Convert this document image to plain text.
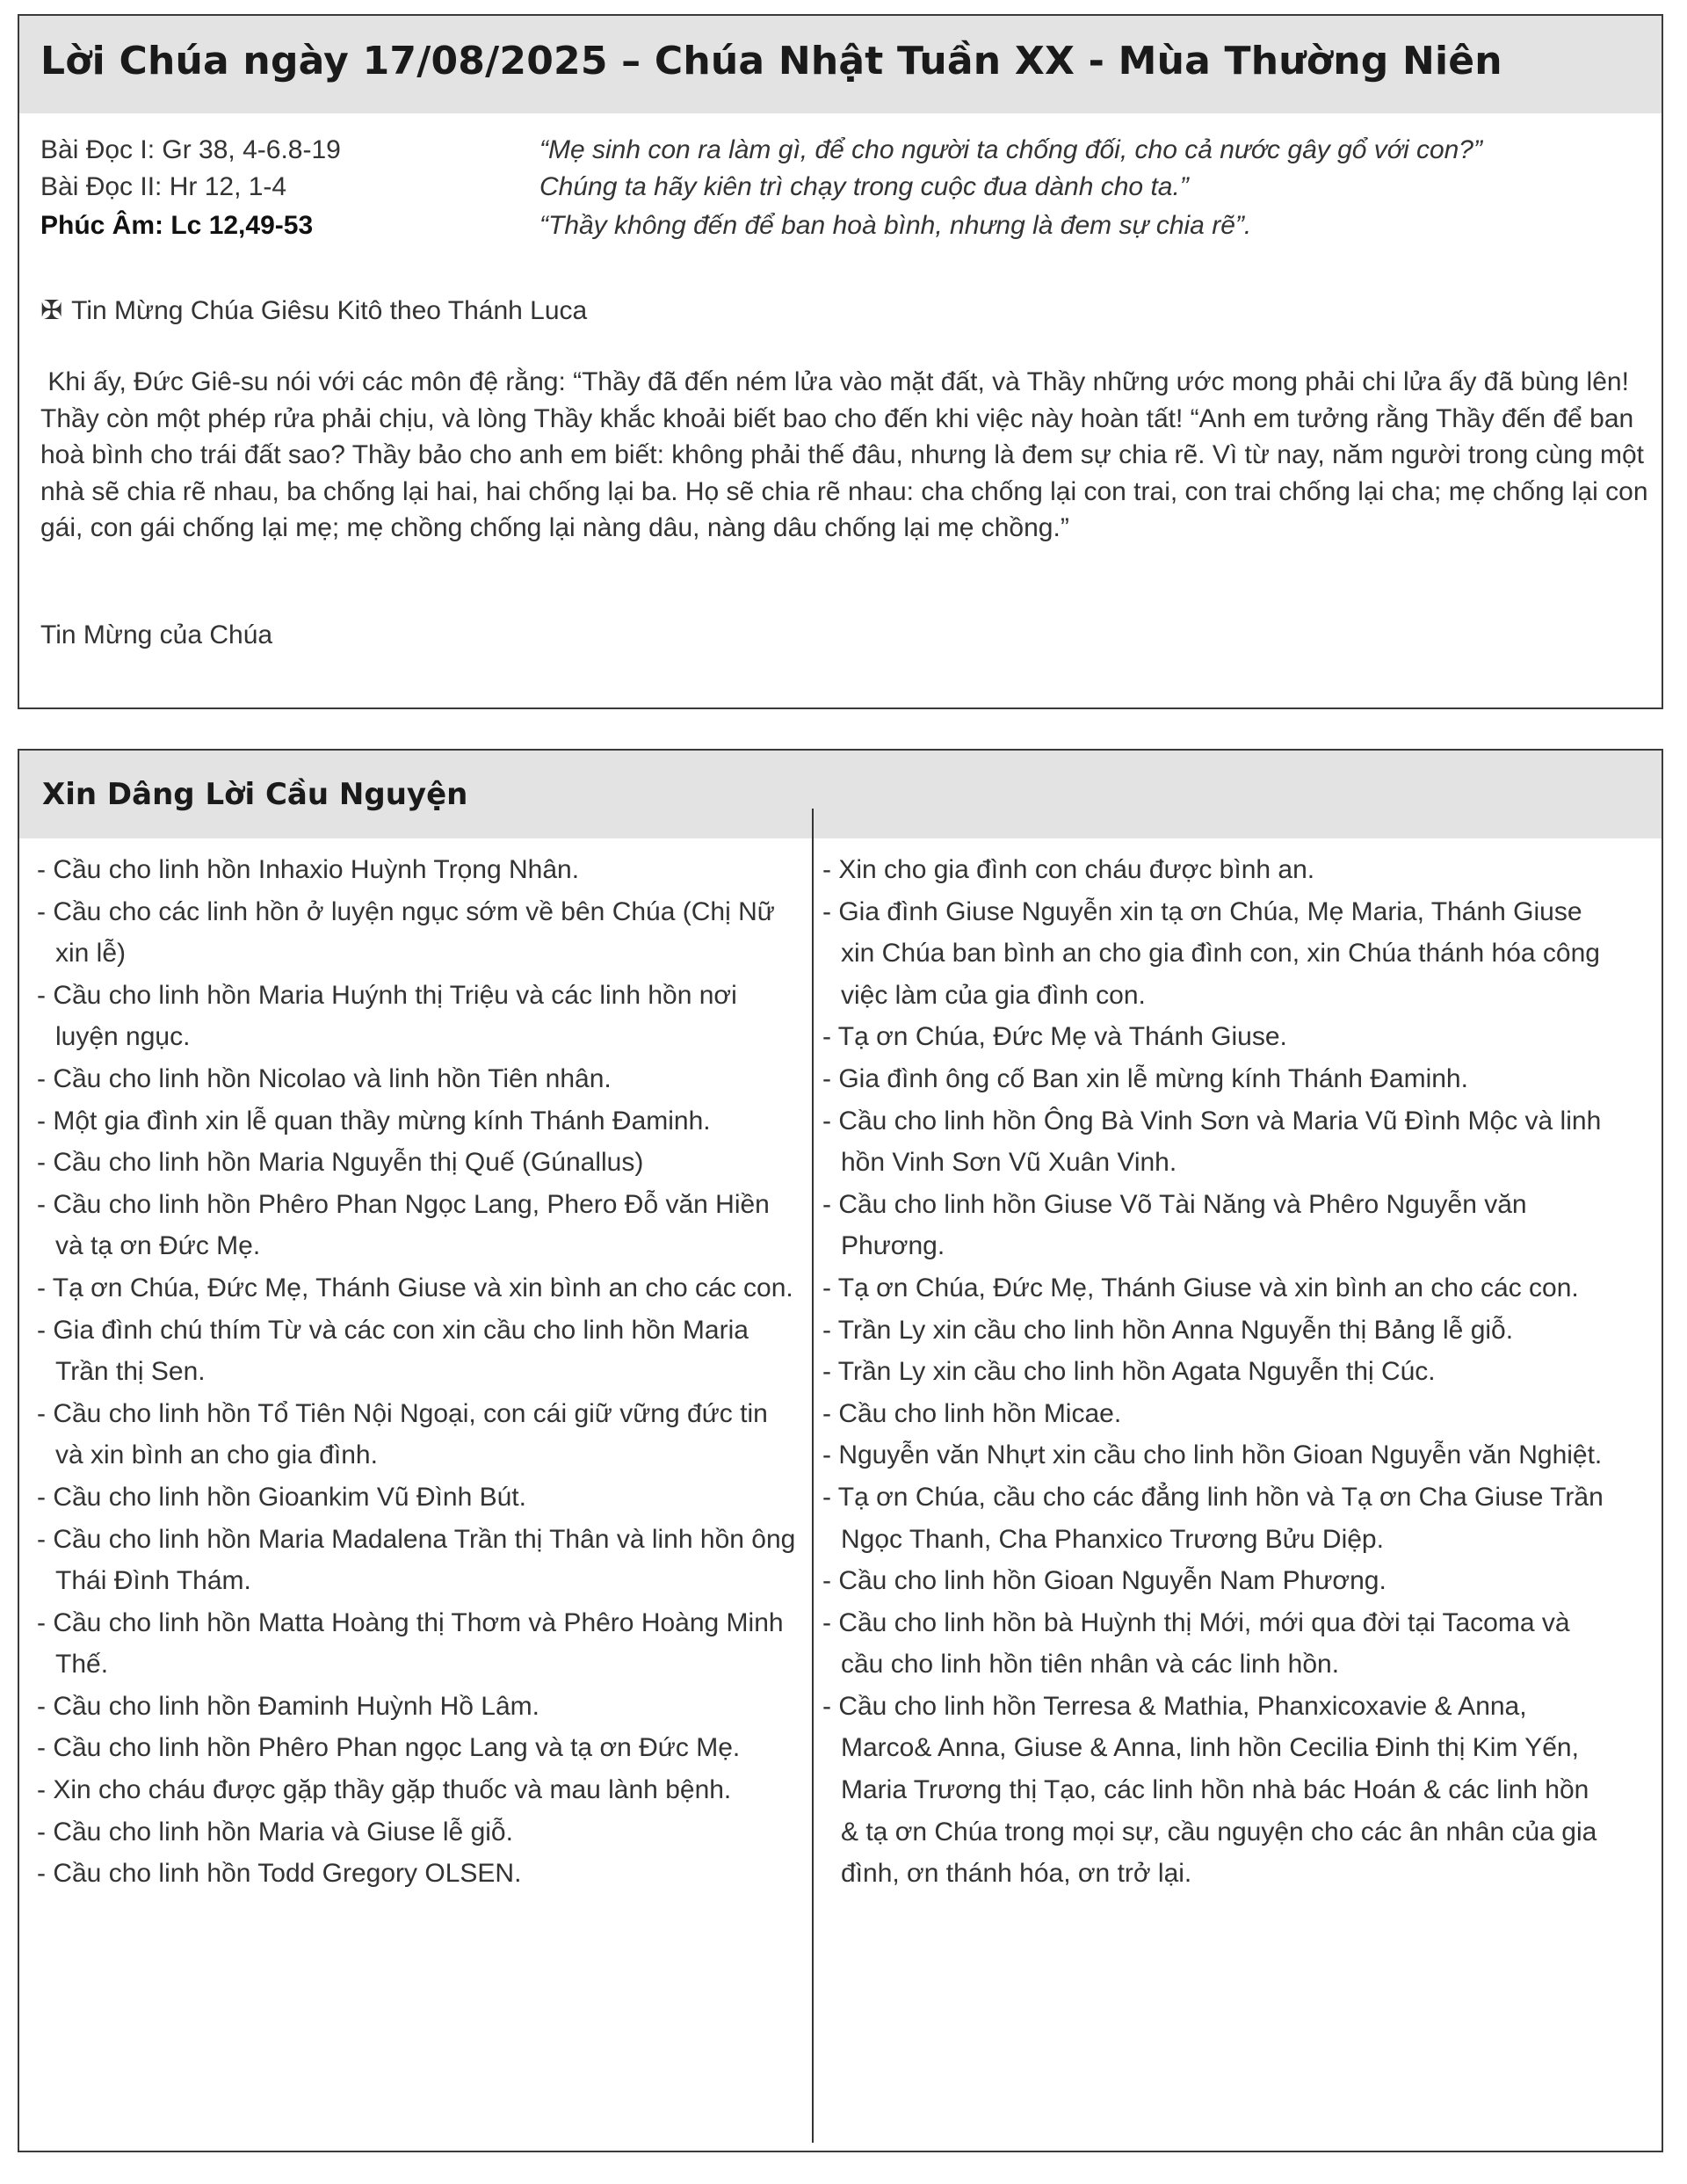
Lời Chúa ngày 17/08/2025 – Chúa Nhật Tuần XX - Mùa Thường Niên
Bài Đọc I: Gr 38, 4-6.8-19	“Mẹ sinh con ra làm gì, để cho người ta chống đối, cho cả nước gây gổ với con?”
Bài Đọc II: Hr 12, 1-4	Chúng ta hãy kiên trì chạy trong cuộc đua dành cho ta.”
Phúc Âm: Lc 12,49-53	“Thầy không đến để ban hoà bình, nhưng là đem sự chia rẽ”.
✠ Tin Mừng Chúa Giêsu Kitô theo Thánh Luca
Khi ấy, Đức Giê-su nói với các môn đệ rằng: “Thầy đã đến ném lửa vào mặt đất, và Thầy những ước mong phải chi lửa ấy đã bùng lên! Thầy còn một phép rửa phải chịu, và lòng Thầy khắc khoải biết bao cho đến khi việc này hoàn tất! “Anh em tưởng rằng Thầy đến để ban hoà bình cho trái đất sao? Thầy bảo cho anh em biết: không phải thế đâu, nhưng là đem sự chia rẽ. Vì từ nay, năm người trong cùng một nhà sẽ chia rẽ nhau, ba chống lại hai, hai chống lại ba. Họ sẽ chia rẽ nhau: cha chống lại con trai, con trai chống lại cha; mẹ chống lại con gái, con gái chống lại mẹ; mẹ chồng chống lại nàng dâu, nàng dâu chống lại mẹ chồng.”
Tin Mừng của Chúa
Xin Dâng Lời Cầu Nguyện
- Cầu cho linh hồn Inhaxio Huỳnh Trọng Nhân.
- Cầu cho các linh hồn ở luyện ngục sớm về bên Chúa (Chị Nữ xin lễ)
- Cầu cho linh hồn Maria Huýnh thị Triệu và các linh hồn nơi luyện ngục.
- Cầu cho linh hồn Nicolao và linh hồn Tiên nhân.
- Một gia đình xin lễ quan thầy mừng kính Thánh Đaminh.
- Cầu cho linh hồn Maria Nguyễn thị Quế (Gúnallus)
- Cầu cho linh hồn Phêro Phan Ngọc Lang, Phero Đỗ văn Hiền và tạ ơn Đức Mẹ.
- Tạ ơn Chúa, Đức Mẹ, Thánh Giuse và xin bình an cho các con.
- Gia đình chú thím Từ và các con xin cầu cho linh hồn Maria Trần thị Sen.
- Cầu cho linh hồn Tổ Tiên Nội Ngoại, con cái giữ vững đức tin và xin bình an cho gia đình.
- Cầu cho linh hồn Gioankim Vũ Đình Bút.
- Cầu cho linh hồn Maria Madalena Trần thị Thân và linh hồn ông Thái Đình Thám.
- Cầu cho linh hồn Matta Hoàng thị Thơm và Phêro Hoàng Minh Thế.
- Cầu cho linh hồn Đaminh Huỳnh Hồ Lâm.
- Cầu cho linh hồn Phêro Phan ngọc Lang và tạ ơn Đức Mẹ.
- Xin cho cháu được gặp thầy gặp thuốc và mau lành bệnh.
- Cầu cho linh hồn Maria và Giuse lễ giỗ.
- Cầu cho linh hồn Todd Gregory OLSEN.
- Xin cho gia đình con cháu được bình an.
- Gia đình Giuse Nguyễn xin tạ ơn Chúa, Mẹ Maria, Thánh Giuse xin Chúa ban bình an cho gia đình con, xin Chúa thánh hóa công việc làm của gia đình con.
- Tạ ơn Chúa, Đức Mẹ và Thánh Giuse.
- Gia đình ông cố Ban xin lễ mừng kính Thánh Đaminh.
- Cầu cho linh hồn Ông Bà Vinh Sơn và Maria Vũ Đình Mộc và linh hồn Vinh Sơn Vũ Xuân Vinh.
- Cầu cho linh hồn Giuse Võ Tài Năng và Phêro Nguyễn văn Phương.
- Tạ ơn Chúa, Đức Mẹ, Thánh Giuse và xin bình an cho các con.
- Trần Ly xin cầu cho linh hồn Anna Nguyễn thị Bảng lễ giỗ.
- Trần Ly xin cầu cho linh hồn Agata Nguyễn thị Cúc.
- Cầu cho linh hồn Micae.
- Nguyễn văn Nhựt xin cầu cho linh hồn Gioan Nguyễn văn Nghiệt.
- Tạ ơn Chúa, cầu cho các đẳng linh hồn và Tạ ơn Cha Giuse Trần Ngọc Thanh, Cha Phanxico Trương Bửu Diệp.
- Cầu cho linh hồn Gioan Nguyễn Nam Phương.
- Cầu cho linh hồn bà Huỳnh thị Mới, mới qua đời tại Tacoma và cầu cho linh hồn tiên nhân và các linh hồn.
- Cầu cho linh hồn Terresa & Mathia, Phanxicoxavie & Anna, Marco& Anna, Giuse & Anna, linh hồn Cecilia Đinh thị Kim Yến, Maria Trương thị Tạo, các linh hồn nhà bác Hoán & các linh hồn & tạ ơn Chúa trong mọi sự, cầu nguyện cho các ân nhân của gia đình, ơn thánh hóa, ơn trở lại.
